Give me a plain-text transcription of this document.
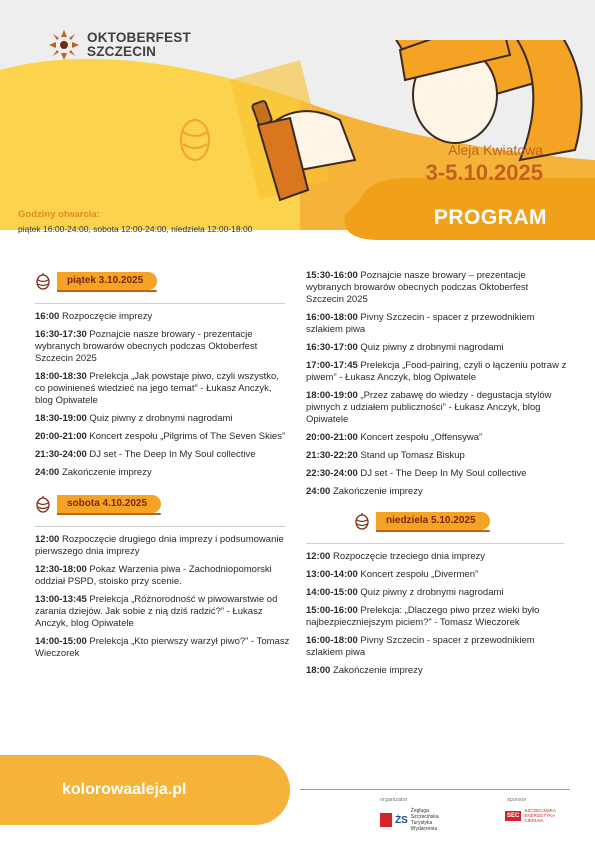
OKTOBERFEST
SZCZECIN
Aleja Kwiatowa
3-5.10.2025
PROGRAM
Godziny otwarcia:
piątek 16:00-24:00, sobota 12:00-24:00, niedziela 12:00-18:00
piątek 3.10.2025
16:00 Rozpoczęcie imprezy
16:30-17:30 Poznajcie nasze browary - prezentacje wybranych browarów obecnych podczas Oktoberfest Szczecin 2025
18:00-18:30 Prelekcja „Jak powstaje piwo, czyli wszystko, co powinieneś wiedzieć na jego temat” - Łukasz Anczyk, blog Opiwatele
18:30-19:00 Quiz piwny z drobnymi nagrodami
20:00-21:00 Koncert zespołu „Pilgrims of The Seven Skies”
21:30-24:00 DJ set - The Deep In My Soul collective
24:00 Zakończenie imprezy
sobota 4.10.2025
12:00 Rozpoczęcie drugiego dnia imprezy i podsumowanie pierwszego dnia imprezy
12:30-18:00 Pokaz Warzenia piwa - Zachodniopomorski oddział PSPD, stoisko przy scenie.
13:00-13:45 Prelekcja „Różnorodność w piwowarstwie od zarania dziejów. Jak sobie z nią dziś radzić?” - Łukasz Anczyk, blog Opiwatele
14:00-15:00 Prelekcja „Kto pierwszy warzył piwo?” - Tomasz Wieczorek
15:30-16:00 Poznajcie nasze browary – prezentacje wybranych browarów obecnych podczas Oktoberfest Szczecin 2025
16:00-18:00 Pivny Szczecin - spacer z przewodnikiem szlakiem piwa
16:30-17:00 Quiz piwny z drobnymi nagrodami
17:00-17:45 Prelekcja „Food-pairing, czyli o łączeniu potraw z piwem” - Łukasz Anczyk, blog Opiwatele
18:00-19:00 „Przez zabawę do wiedzy - degustacja stylów piwnych z udziałem publiczności” - Łukasz Anczyk, blog Opiwatele
20:00-21:00 Koncert zespołu „Offensywa”
21:30-22:20 Stand up Tomasz Biskup
22:30-24:00 DJ set - The Deep In My Soul collective
24:00 Zakończenie imprezy
niedziela 5.10.2025
12:00 Rozpoczęcie trzeciego dnia imprezy
13:00-14:00 Koncert zespołu „Divermen”
14:00-15:00 Quiz piwny z drobnymi nagrodami
15:00-16:00 Prelekcja: „Dlaczego piwo przez wieki było najbezpieczniejszym piciem?” - Tomasz Wieczorek
16:00-18:00 Pivny Szczecin - spacer z przewodnikiem szlakiem piwa
18:00 Zakończenie imprezy
kolorowaaleja.pl
organizator	sponsor
ŻS
Żegluga Szczecińska Turystyka Wydarzenia
SEC
SZCZECIŃSKA ENERGETYKA CIEPLNA
